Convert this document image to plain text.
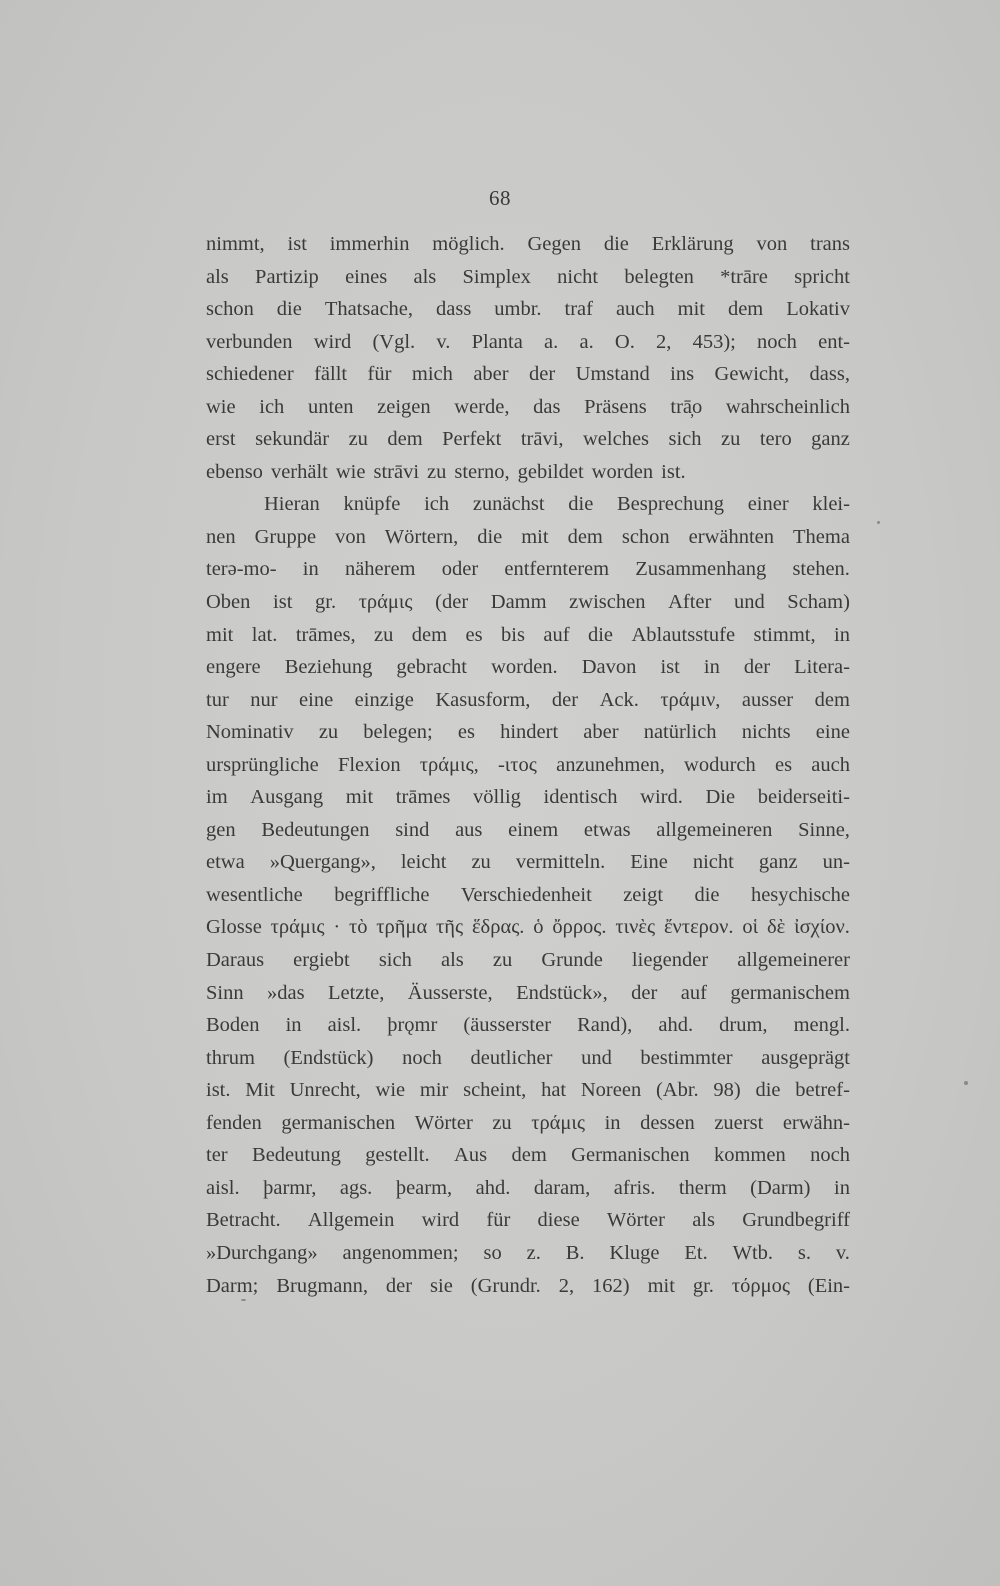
68
nimmt, ist immerhin möglich. Gegen die Erklärung von trans
als Partizip eines als Simplex nicht belegten *trāre spricht
schon die Thatsache, dass umbr. traf auch mit dem Lokativ
verbunden wird (Vgl. v. Planta a. a. O. 2, 453); noch ent-
schiedener fällt für mich aber der Umstand ins Gewicht, dass,
wie ich unten zeigen werde, das Präsens trā̦o wahrscheinlich
erst sekundär zu dem Perfekt trāvi, welches sich zu tero ganz
ebenso verhält wie strāvi zu sterno, gebildet worden ist.
Hieran knüpfe ich zunächst die Besprechung einer klei-
nen Gruppe von Wörtern, die mit dem schon erwähnten Thema
terə-mo- in näherem oder entfernterem Zusammenhang stehen.
Oben ist gr. τράμις (der Damm zwischen After und Scham)
mit lat. trāmes, zu dem es bis auf die Ablautsstufe stimmt, in
engere Beziehung gebracht worden. Davon ist in der Litera-
tur nur eine einzige Kasusform, der Ack. τράμιν, ausser dem
Nominativ zu belegen; es hindert aber natürlich nichts eine
ursprüngliche Flexion τράμις, -ιτος anzunehmen, wodurch es auch
im Ausgang mit trāmes völlig identisch wird. Die beiderseiti-
gen Bedeutungen sind aus einem etwas allgemeineren Sinne,
etwa »Quergang», leicht zu vermitteln. Eine nicht ganz un-
wesentliche begriffliche Verschiedenheit zeigt die hesychische
Glosse τράμις · τὸ τρῆμα τῆς ἕδρας. ὁ ὄρρος. τινὲς ἔντερον. οἱ δὲ ἰσχίον.
Daraus ergiebt sich als zu Grunde liegender allgemeinerer
Sinn »das Letzte, Äusserste, Endstück», der auf germanischem
Boden in aisl. þrǫmr (äusserster Rand), ahd. drum, mengl.
thrum (Endstück) noch deutlicher und bestimmter ausgeprägt
ist. Mit Unrecht, wie mir scheint, hat Noreen (Abr. 98) die betref-
fenden germanischen Wörter zu τράμις in dessen zuerst erwähn-
ter Bedeutung gestellt. Aus dem Germanischen kommen noch
aisl. þarmr, ags. þearm, ahd. daram, afris. therm (Darm) in
Betracht. Allgemein wird für diese Wörter als Grundbegriff
»Durchgang» angenommen; so z. B. Kluge Et. Wtb. s. v.
Darm; Brugmann, der sie (Grundr. 2, 162) mit gr. τόρμος (Ein-
